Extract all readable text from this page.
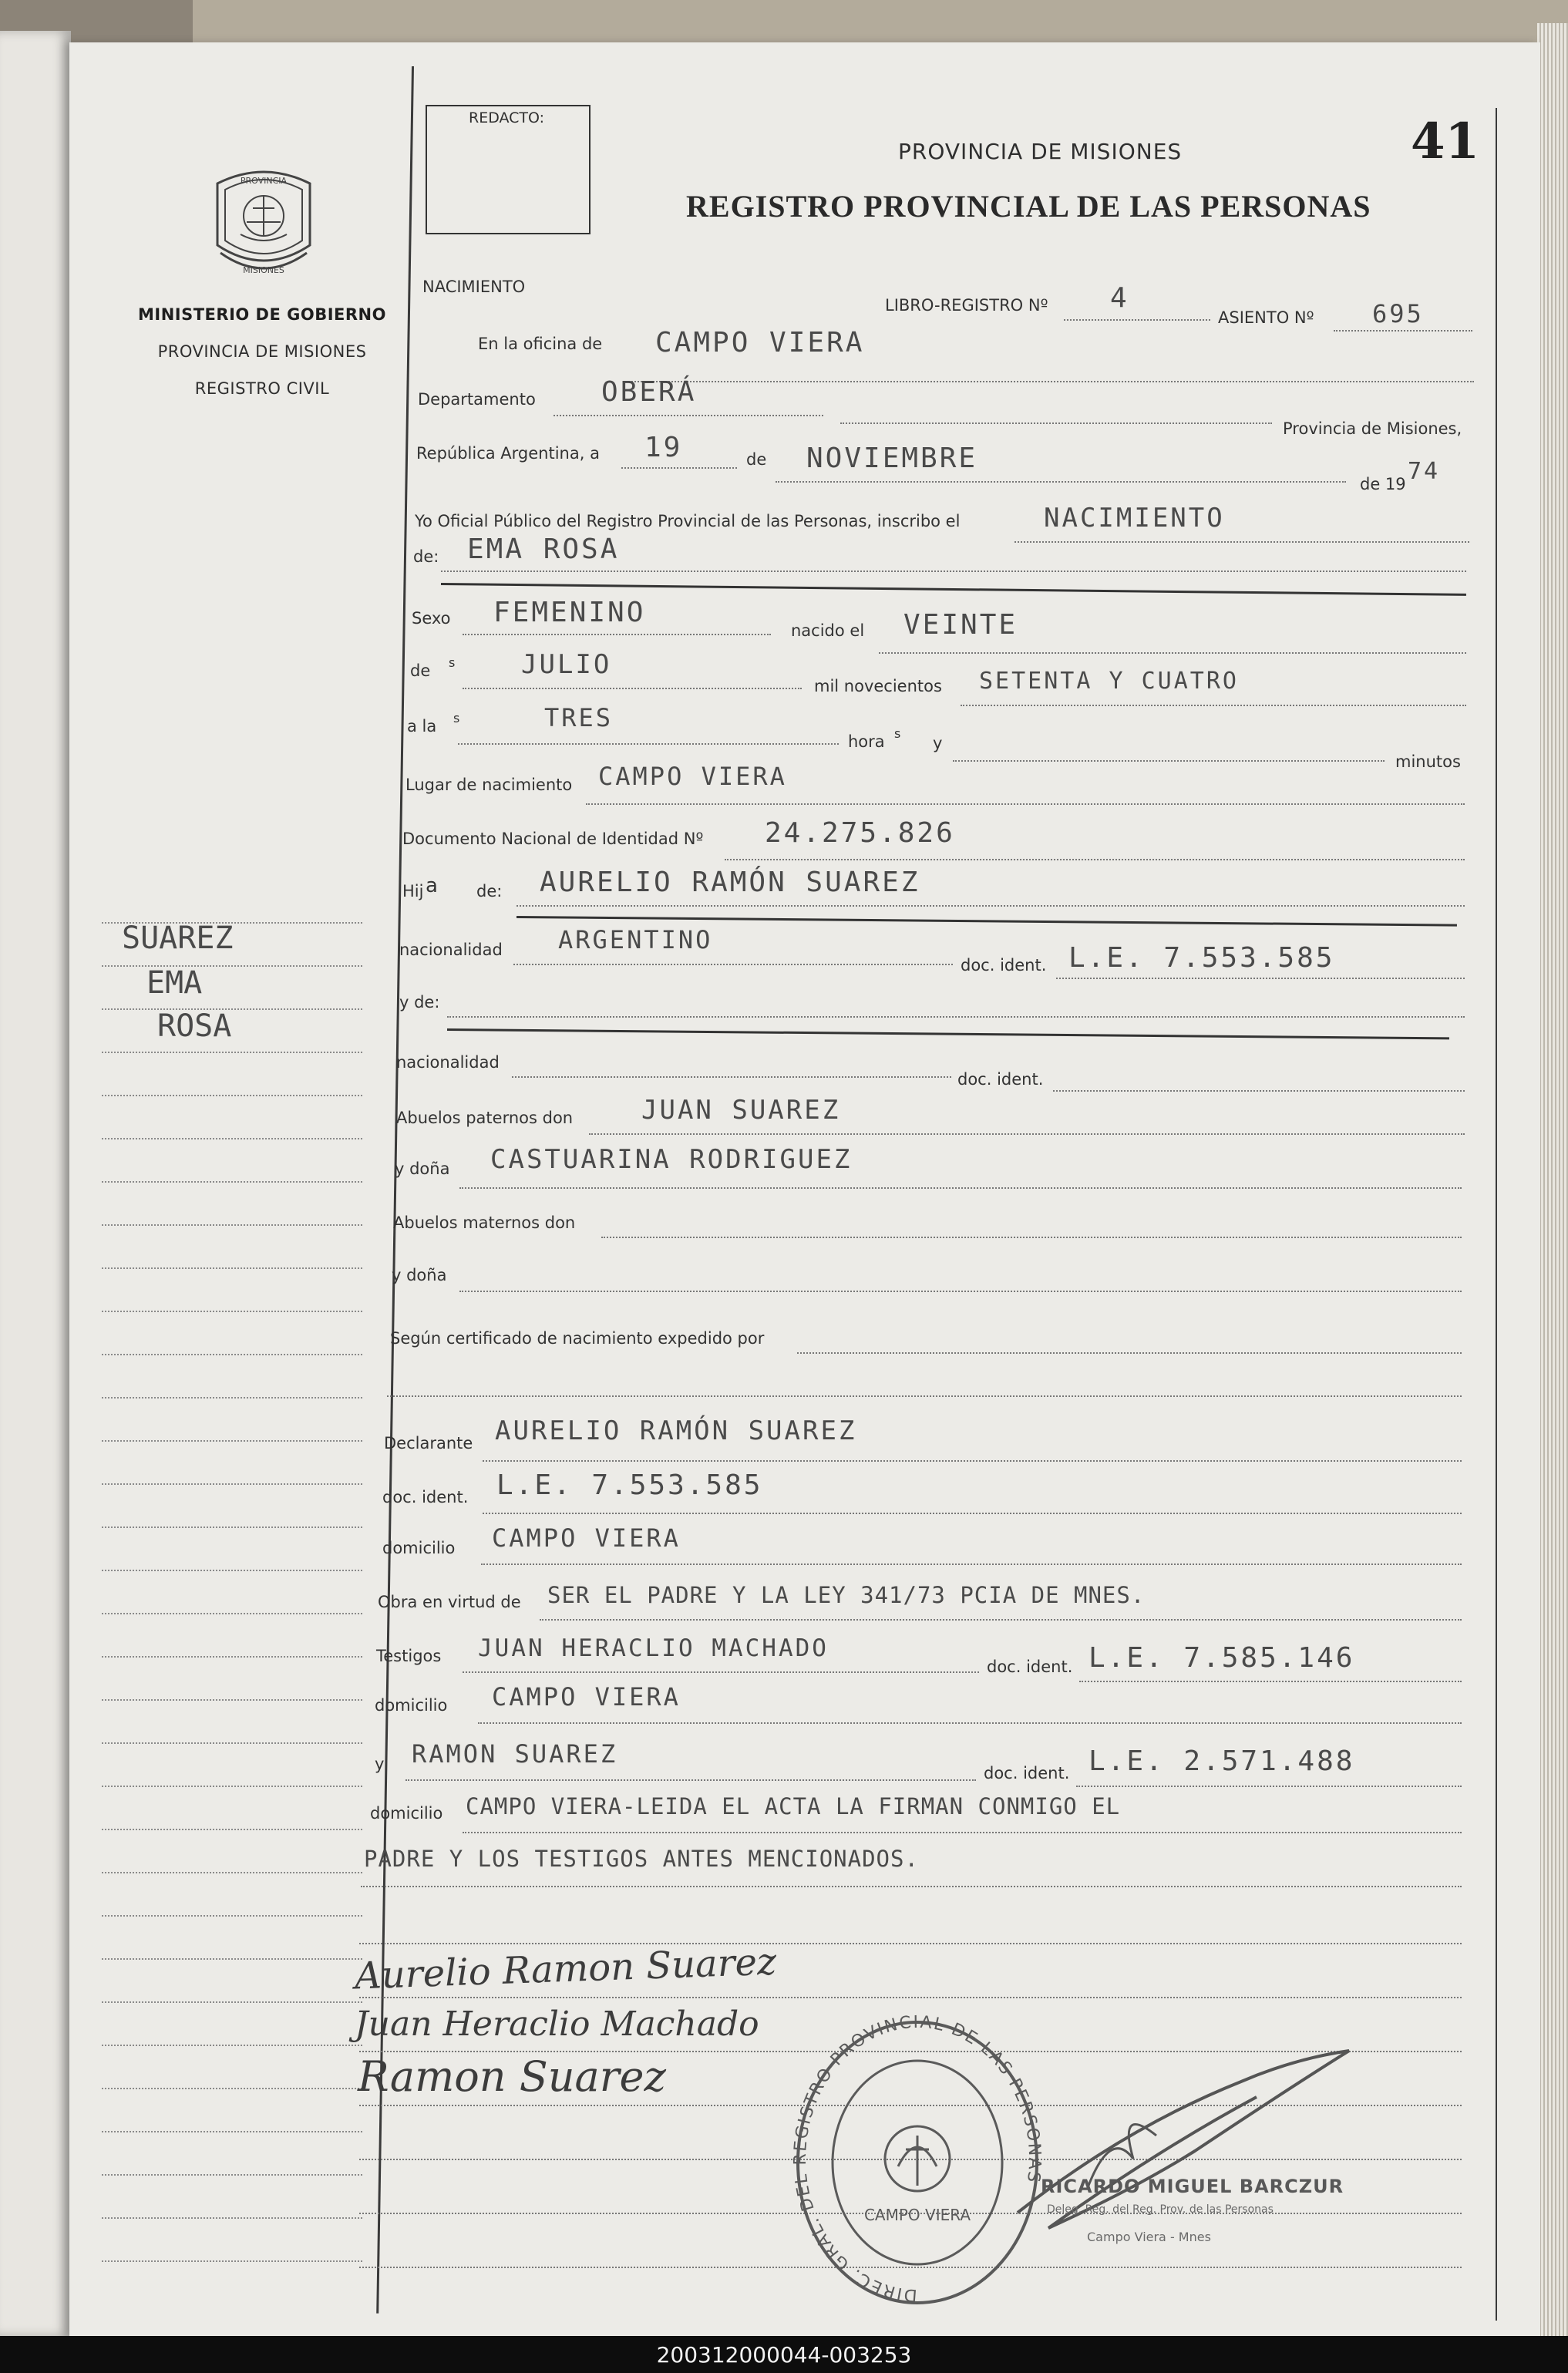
PROVINCIA
MISIONES
MINISTERIO DE GOBIERNO
PROVINCIA DE MISIONES
REGISTRO CIVIL
SUAREZ
EMA
ROSA
REDACTO:	41
PROVINCIA DE MISIONES
REGISTRO PROVINCIAL DE LAS PERSONAS
NACIMIENTO
LIBRO-REGISTRO Nº 4
ASIENTO Nº 695
En la oficina de CAMPO VIERA
Departamento OBERÁ
Provincia de Misiones,
República Argentina, a 19	de NOVIEMBRE
de 19 74
Yo Oficial Público del Registro Provincial de las Personas, inscribo el	NACIMIENTO
de: EMA ROSA
Sexo FEMENINO
nacido el VEINTE
de s	JULIO
mil novecientos SETENTA Y CUATRO
a la s	TRES
hora s
y
minutos
Lugar de nacimiento CAMPO VIERA
Documento Nacional de Identidad Nº 24.275.826
Hij a de: AURELIO RAMÓN SUAREZ
nacionalidad ARGENTINO
doc. ident. L.E. 7.553.585
y de:
nacionalidad
doc. ident.
Abuelos paternos don	JUAN SUAREZ
y doña CASTUARINA RODRIGUEZ
Abuelos maternos don
y doña
Según certificado de nacimiento expedido por
Declarante AURELIO RAMÓN SUAREZ
doc. ident. L.E. 7.553.585
domicilio CAMPO VIERA
Obra en virtud de SER EL PADRE Y LA LEY 341/73 PCIA DE MNES.
Testigos JUAN HERACLIO MACHADO
doc. ident. L.E. 7.585.146
domicilio CAMPO VIERA
y RAMON SUAREZ
doc. ident. L.E. 2.571.488
domicilio CAMPO VIERA-LEIDA EL ACTA LA FIRMAN CONMIGO EL
PADRE Y LOS TESTIGOS ANTES MENCIONADOS.
Aurelio Ramon Suarez
Juan Heraclio Machado
Ramon Suarez
DIREC. GRAL. DEL REGISTRO PROVINCIAL DE LAS PERSONAS
CAMPO VIERA
RICARDO MIGUEL BARCZUR
Deleg. Reg. del Reg. Prov. de las Personas
Campo Viera - Mnes
200312000044-003253
